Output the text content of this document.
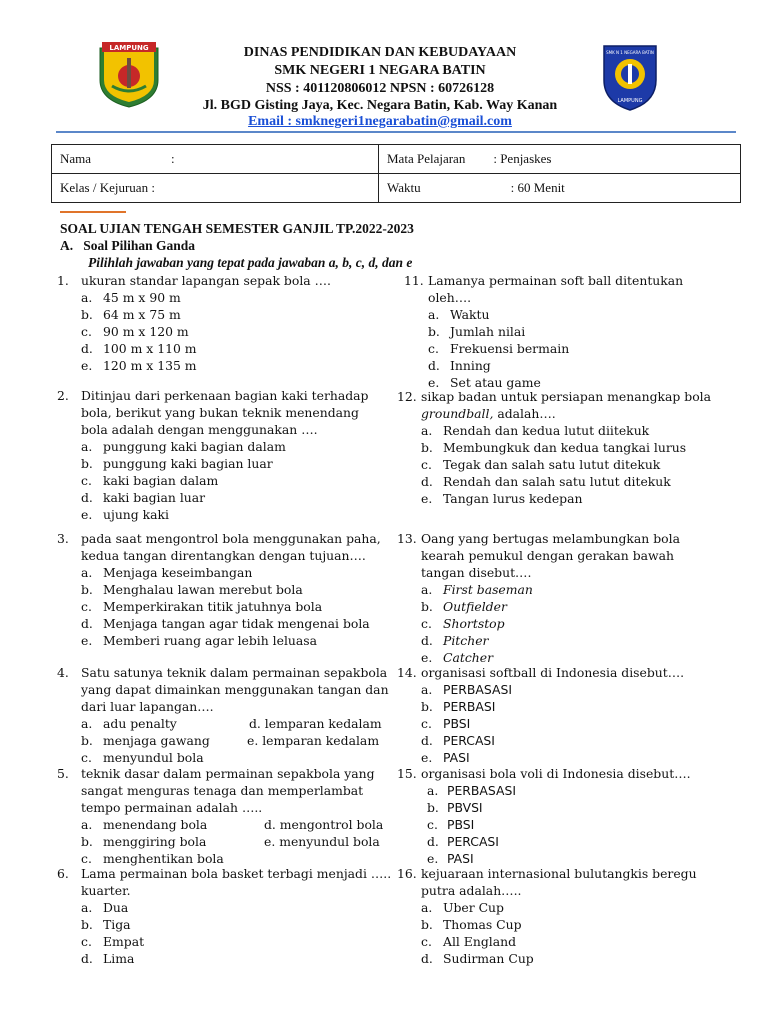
LAMPUNG	DINAS PENDIDIKAN DAN KEBUDAYAAN
SMK NEGERI 1 NEGARA BATIN
NSS : 401120806012 NPSN : 60726128
Jl. BGD Gisting Jaya, Kec. Negara Batin, Kab. Way Kanan
Email : smknegeri1negarabatin@gmail.com
SMK N 1 NEGARA BATIN
LAMPUNG
Nama :	Mata Pelajaran : Penjaskes
Kelas / Kejuruan :	Waktu : 60 Menit
SOAL UJIAN TENGAH SEMESTER GANJIL TP.2022-2023
A.   Soal Pilihan Ganda
Pilihlah jawaban yang tepat pada jawaban a, b, c, d, dan e
1. ukuran standar lapangan sepak bola ….
a. 45 m x 90 m
b. 64 m x 75 m
c. 90 m x 120 m
d. 100 m x 110 m
e. 120 m x 135 m
2. Ditinjau dari perkenaan bagian kaki terhadap bola, berikut yang bukan teknik menendang bola adalah dengan menggunakan ….
a. punggung kaki bagian dalam
b. punggung kaki bagian luar
c. kaki bagian dalam
d. kaki bagian luar
e. ujung kaki
3. pada saat mengontrol bola menggunakan paha, kedua tangan direntangkan dengan tujuan….
a. Menjaga keseimbangan
b. Menghalau lawan merebut bola
c. Memperkirakan titik jatuhnya bola
d. Menjaga tangan agar tidak mengenai bola
e. Memberi ruang agar lebih leluasa
4. Satu satunya teknik dalam permainan sepakbola yang dapat dimainkan menggunakan tangan dan dari luar lapangan….
a. adu penalty	d. lemparan kedalam
b. menjaga gawang	e. lemparan kedalam
c. menyundul bola
5. teknik dasar dalam permainan sepakbola yang sangat menguras tenaga dan memperlambat tempo permainan adalah …..
a. menendang bola	d. mengontrol bola
b. menggiring bola	e. menyundul bola
c. menghentikan bola
6. Lama permainan bola basket terbagi menjadi ….. kuarter.
a. Dua
b. Tiga
c. Empat
d. Lima
11. Lamanya permainan soft ball ditentukan oleh….
a. Waktu
b. Jumlah nilai
c. Frekuensi bermain
d. Inning
e. Set atau game
12. sikap badan untuk persiapan menangkap bola
groundball, adalah….
a. Rendah dan kedua lutut diitekuk
b. Membungkuk dan kedua tangkai lurus
c. Tegak dan salah satu lutut ditekuk
d. Rendah dan salah satu lutut ditekuk
e. Tangan lurus kedepan
13. Oang yang bertugas melambungkan bola kearah pemukul dengan gerakan bawah tangan disebut….
a. First baseman
b. Outfielder
c. Shortstop
d. Pitcher
e. Catcher
14. organisasi softball di Indonesia disebut….
a. PERBASASI
b. PERBASI
c. PBSI
d. PERCASI
e. PASI
15. organisasi bola voli di Indonesia disebut….
a. PERBASASI
b. PBVSI
c. PBSI
d. PERCASI
e. PASI
16. kejuaraan internasional bulutangkis beregu putra adalah…..
a. Uber Cup
b. Thomas Cup
c. All England
d. Sudirman Cup
